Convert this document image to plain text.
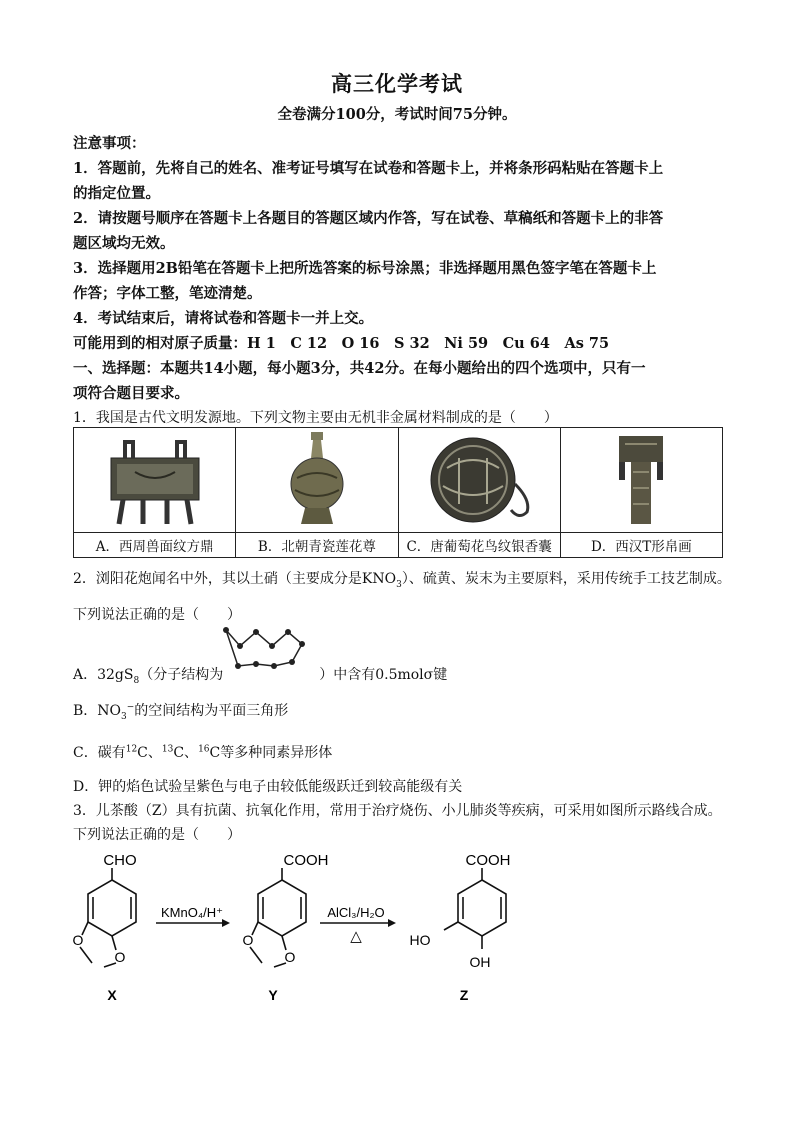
高三化学考试
全卷满分100分，考试时间75分钟。
注意事项：
1．答题前，先将自己的姓名、准考证号填写在试卷和答题卡上，并将条形码粘贴在答题卡上
的指定位置。
2．请按题号顺序在答题卡上各题目的答题区域内作答，写在试卷、草稿纸和答题卡上的非答
题区域均无效。
3．选择题用2B铅笔在答题卡上把所选答案的标号涂黑；非选择题用黑色签字笔在答题卡上
作答；字体工整，笔迹清楚。
4．考试结束后，请将试卷和答题卡一并上交。
可能用到的相对原子质量：H 1　C 12　O 16　S 32　Ni 59　Cu 64　As 75
一、选择题：本题共14小题，每小题3分，共42分。在每小题给出的四个选项中，只有一
项符合题目要求。
1．我国是古代文明发源地。下列文物主要由无机非金属材料制成的是（　　）

A．西周兽面纹方鼎	B．北朝青瓷莲花尊	C．唐葡萄花鸟纹银香囊	D．西汉T形帛画
2．浏阳花炮闻名中外，其以土硝（主要成分是$KNO_3$）、硫黄、炭末为主要原料，采用传统手工技艺制成。
下列说法正确的是（　　）
A．$32gS_8$（分子结构为	）中含有0.5molσ键
B．$NO_3^-$的空间结构为平面三角形
C．碳有$^{12}$C、$^{13}$C、$^{16}$C等多种同素异形体
D．钾的焰色试验呈紫色与电子由较低能级跃迁到较高能级有关
3．儿茶酸（Z）具有抗菌、抗氧化作用，常用于治疗烧伤、小儿肺炎等疾病，可采用如图所示路线合成。
下列说法正确的是（　　）
CHO
O
O
X
KMnO₄/H⁺
COOH
O
O
Y
AlCl₃/H₂O
△
COOH
HO
OH
Z
